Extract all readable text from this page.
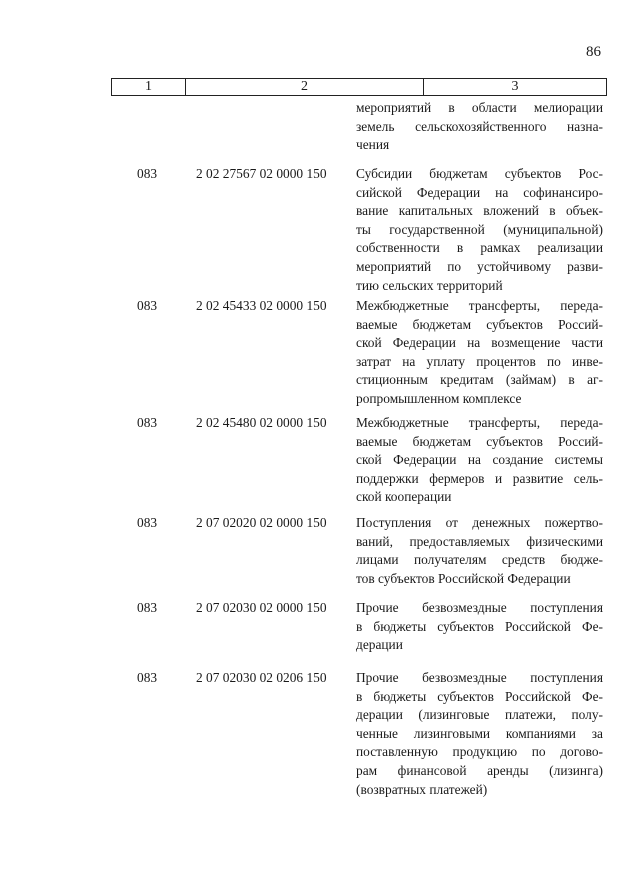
86
1	2	3
мероприятий в области мелиорации
земель сельскохозяйственного назна-
чения
083	2 02 27567 02 0000 150 Субсидии бюджетам субъектов Рос-
сийской Федерации на софинансиро-
вание капитальных вложений в объек-
ты государственной (муниципальной)
собственности в рамках реализации
мероприятий по устойчивому разви-
тию сельских территорий
083	2 02 45433 02 0000 150 Межбюджетные трансферты, переда-
ваемые бюджетам субъектов Россий-
ской Федерации на возмещение части
затрат на уплату процентов по инве-
стиционным кредитам (займам) в аг-
ропромышленном комплексе
083	2 02 45480 02 0000 150 Межбюджетные трансферты, переда-
ваемые бюджетам субъектов Россий-
ской Федерации на создание системы
поддержки фермеров и развитие сель-
ской кооперации
083	2 07 02020 02 0000 150 Поступления от денежных пожертво-
ваний, предоставляемых физическими
лицами получателям средств бюдже-
тов субъектов Российской Федерации
083	2 07 02030 02 0000 150 Прочие безвозмездные поступления
в бюджеты субъектов Российской Фе-
дерации
083	2 07 02030 02 0206 150 Прочие безвозмездные поступления
в бюджеты субъектов Российской Фе-
дерации (лизинговые платежи, полу-
ченные лизинговыми компаниями за
поставленную продукцию по догово-
рам финансовой аренды (лизинга)
(возвратных платежей)
